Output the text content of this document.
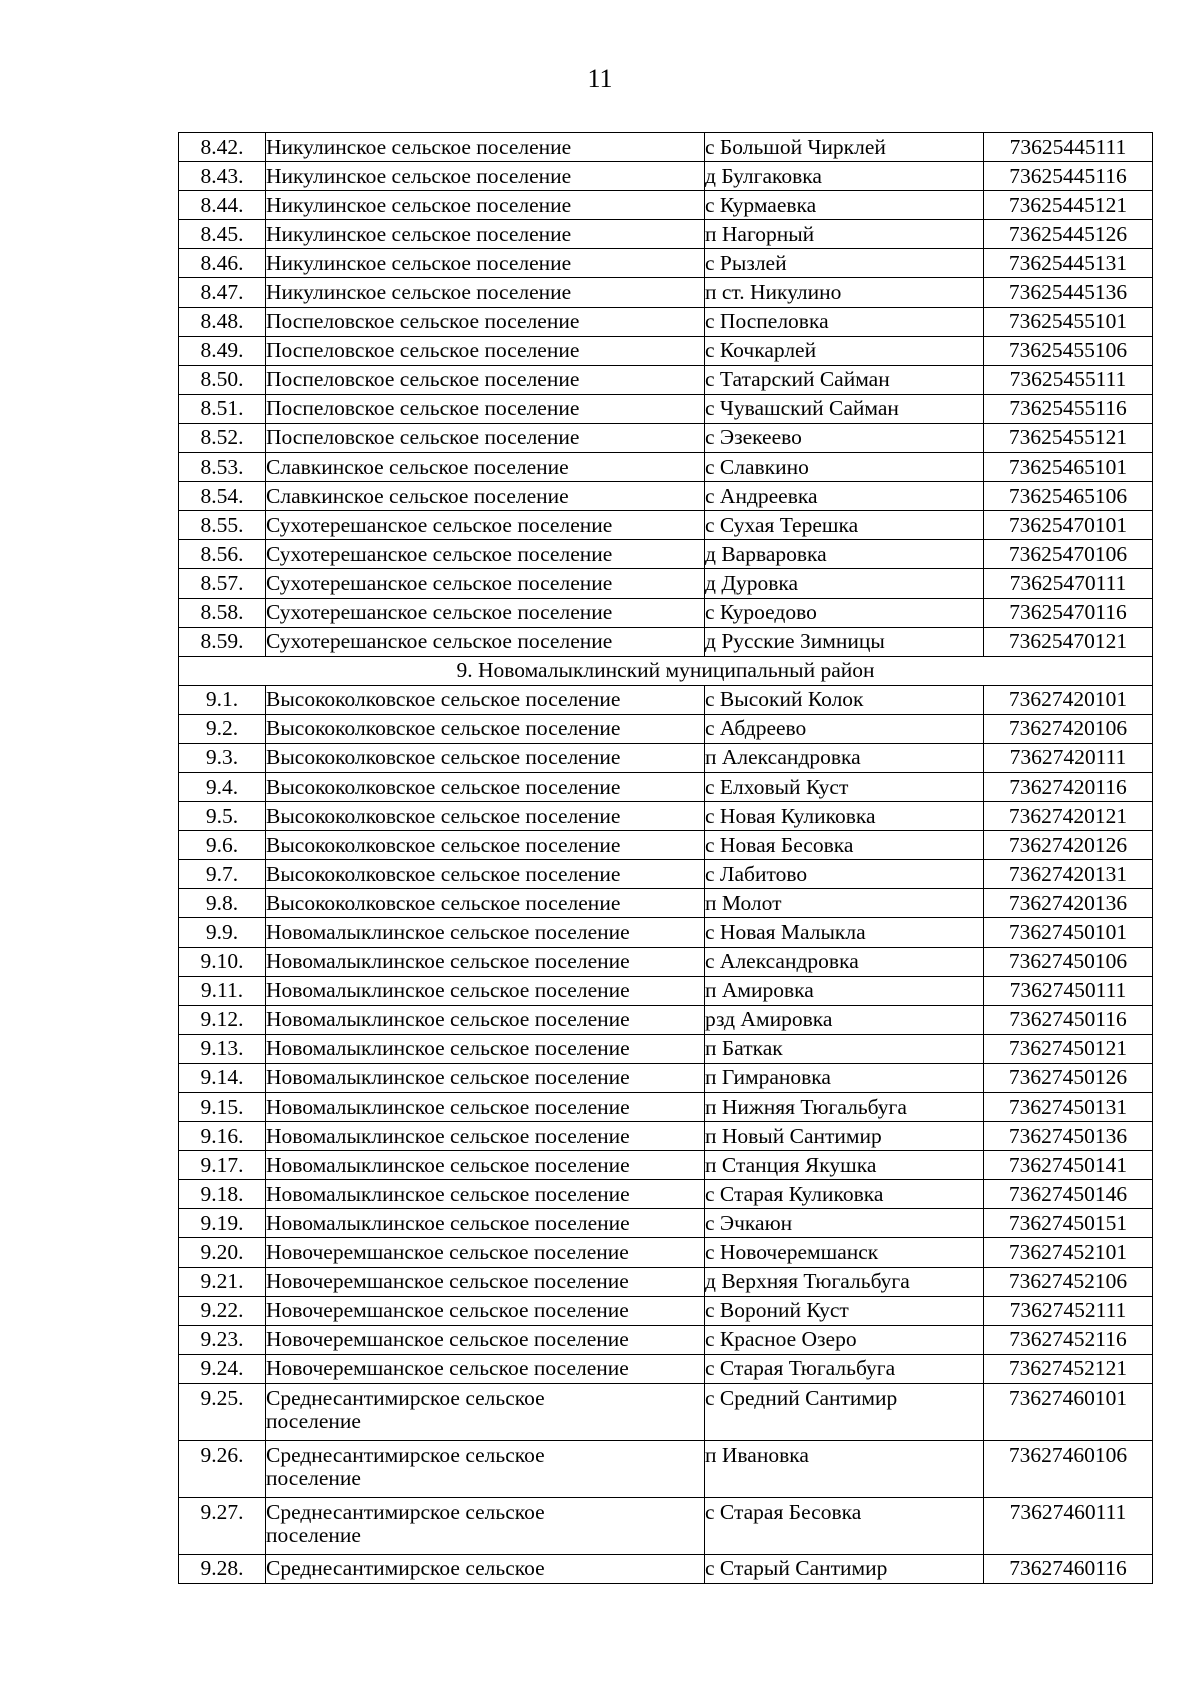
11
8.42.	Никулинское сельское поселение	с Большой Чирклей	73625445111
8.43.	Никулинское сельское поселение	д Булгаковка	73625445116
8.44.	Никулинское сельское поселение	с Курмаевка	73625445121
8.45.	Никулинское сельское поселение	п Нагорный	73625445126
8.46.	Никулинское сельское поселение	с Рызлей	73625445131
8.47.	Никулинское сельское поселение	п ст. Никулино	73625445136
8.48.	Поспеловское сельское поселение	с Поспеловка	73625455101
8.49.	Поспеловское сельское поселение	с Кочкарлей	73625455106
8.50.	Поспеловское сельское поселение	с Татарский Сайман	73625455111
8.51.	Поспеловское сельское поселение	с Чувашский Сайман	73625455116
8.52.	Поспеловское сельское поселение	с Эзекеево	73625455121
8.53.	Славкинское сельское поселение	с Славкино	73625465101
8.54.	Славкинское сельское поселение	с Андреевка	73625465106
8.55.	Сухотерешанское сельское поселение	с Сухая Терешка	73625470101
8.56.	Сухотерешанское сельское поселение	д Варваровка	73625470106
8.57.	Сухотерешанское сельское поселение	д Дуровка	73625470111
8.58.	Сухотерешанское сельское поселение	с Куроедово	73625470116
8.59.	Сухотерешанское сельское поселение	д Русские Зимницы	73625470121
9. Новомалыклинский муниципальный район			
9.1.	Высококолковское сельское поселение	с Высокий Колок	73627420101
9.2.	Высококолковское сельское поселение	с Абдреево	73627420106
9.3.	Высококолковское сельское поселение	п Александровка	73627420111
9.4.	Высококолковское сельское поселение	с Елховый Куст	73627420116
9.5.	Высококолковское сельское поселение	с Новая Куликовка	73627420121
9.6.	Высококолковское сельское поселение	с Новая Бесовка	73627420126
9.7.	Высококолковское сельское поселение	с Лабитово	73627420131
9.8.	Высококолковское сельское поселение	п Молот	73627420136
9.9.	Новомалыклинское сельское поселение	с Новая Малыкла	73627450101
9.10.	Новомалыклинское сельское поселение	с Александровка	73627450106
9.11.	Новомалыклинское сельское поселение	п Амировка	73627450111
9.12.	Новомалыклинское сельское поселение	рзд Амировка	73627450116
9.13.	Новомалыклинское сельское поселение	п Баткак	73627450121
9.14.	Новомалыклинское сельское поселение	п Гимрановка	73627450126
9.15.	Новомалыклинское сельское поселение	п Нижняя Тюгальбуга	73627450131
9.16.	Новомалыклинское сельское поселение	п Новый Сантимир	73627450136
9.17.	Новомалыклинское сельское поселение	п Станция Якушка	73627450141
9.18.	Новомалыклинское сельское поселение	с Старая Куликовка	73627450146
9.19.	Новомалыклинское сельское поселение	с Эчкаюн	73627450151
9.20.	Новочеремшанское сельское поселение	с Новочеремшанск	73627452101
9.21.	Новочеремшанское сельское поселение	д Верхняя Тюгальбуга	73627452106
9.22.	Новочеремшанское сельское поселение	с Вороний Куст	73627452111
9.23.	Новочеремшанское сельское поселение	с Красное Озеро	73627452116
9.24.	Новочеремшанское сельское поселение	с Старая Тюгальбуга	73627452121
9.25.	Среднесантимирское сельское поселение	с Средний Сантимир	73627460101
9.26.	Среднесантимирское сельское поселение	п Ивановка	73627460106
9.27.	Среднесантимирское сельское поселение	с Старая Бесовка	73627460111
9.28.	Среднесантимирское сельское	с Старый Сантимир	73627460116
